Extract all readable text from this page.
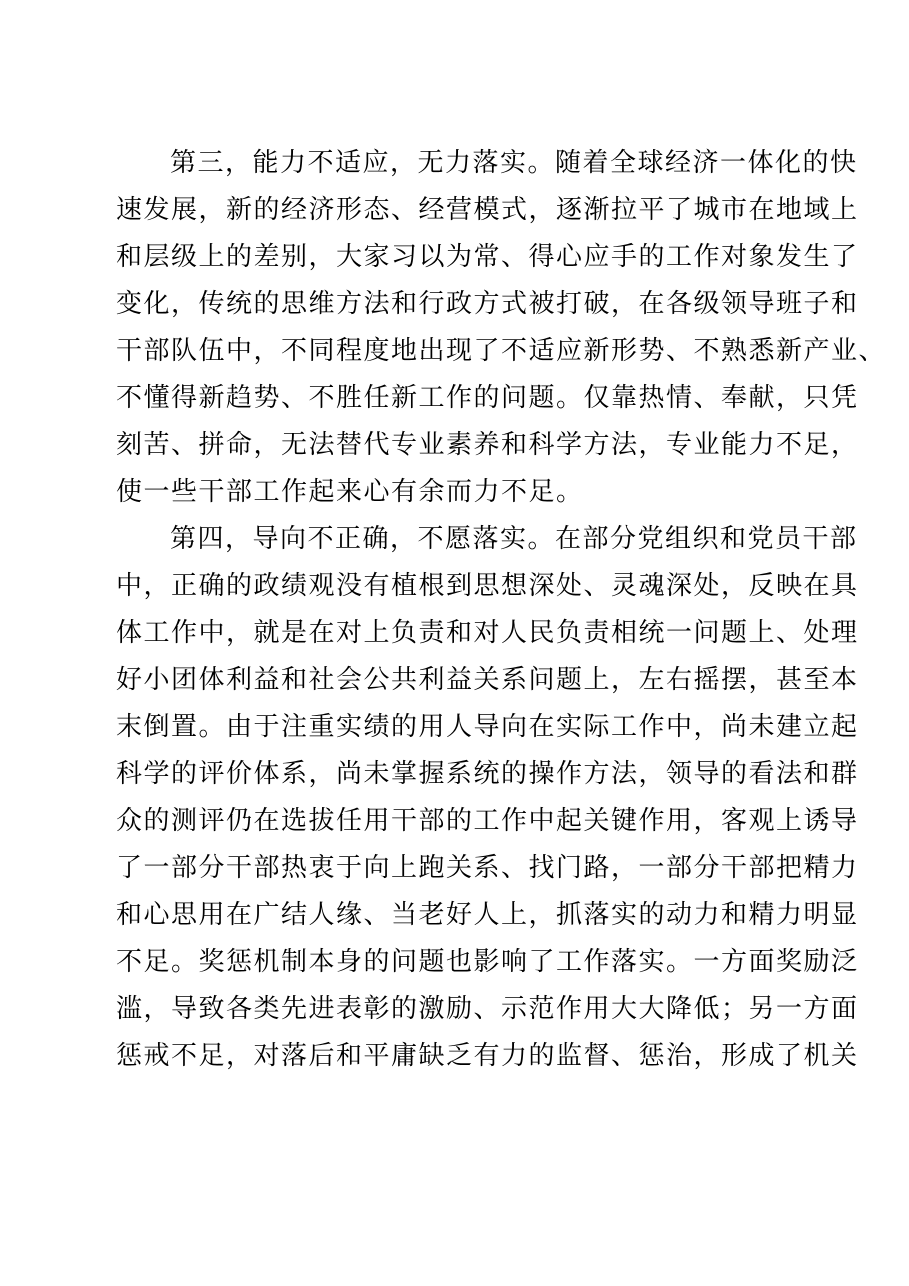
第三，能力不适应，无力落实。随着全球经济一体化的快
速发展，新的经济形态、经营模式，逐渐拉平了城市在地域上
和层级上的差别，大家习以为常、得心应手的工作对象发生了
变化，传统的思维方法和行政方式被打破，在各级领导班子和
干部队伍中，不同程度地出现了不适应新形势、不熟悉新产业、
不懂得新趋势、不胜任新工作的问题。仅靠热情、奉献，只凭
刻苦、拼命，无法替代专业素养和科学方法，专业能力不足，
使一些干部工作起来心有余而力不足。
第四，导向不正确，不愿落实。在部分党组织和党员干部
中，正确的政绩观没有植根到思想深处、灵魂深处，反映在具
体工作中，就是在对上负责和对人民负责相统一问题上、处理
好小团体利益和社会公共利益关系问题上，左右摇摆，甚至本
末倒置。由于注重实绩的用人导向在实际工作中，尚未建立起
科学的评价体系，尚未掌握系统的操作方法，领导的看法和群
众的测评仍在选拔任用干部的工作中起关键作用，客观上诱导
了一部分干部热衷于向上跑关系、找门路，一部分干部把精力
和心思用在广结人缘、当老好人上，抓落实的动力和精力明显
不足。奖惩机制本身的问题也影响了工作落实。一方面奖励泛
滥，导致各类先进表彰的激励、示范作用大大降低；另一方面
惩戒不足，对落后和平庸缺乏有力的监督、惩治，形成了机关
